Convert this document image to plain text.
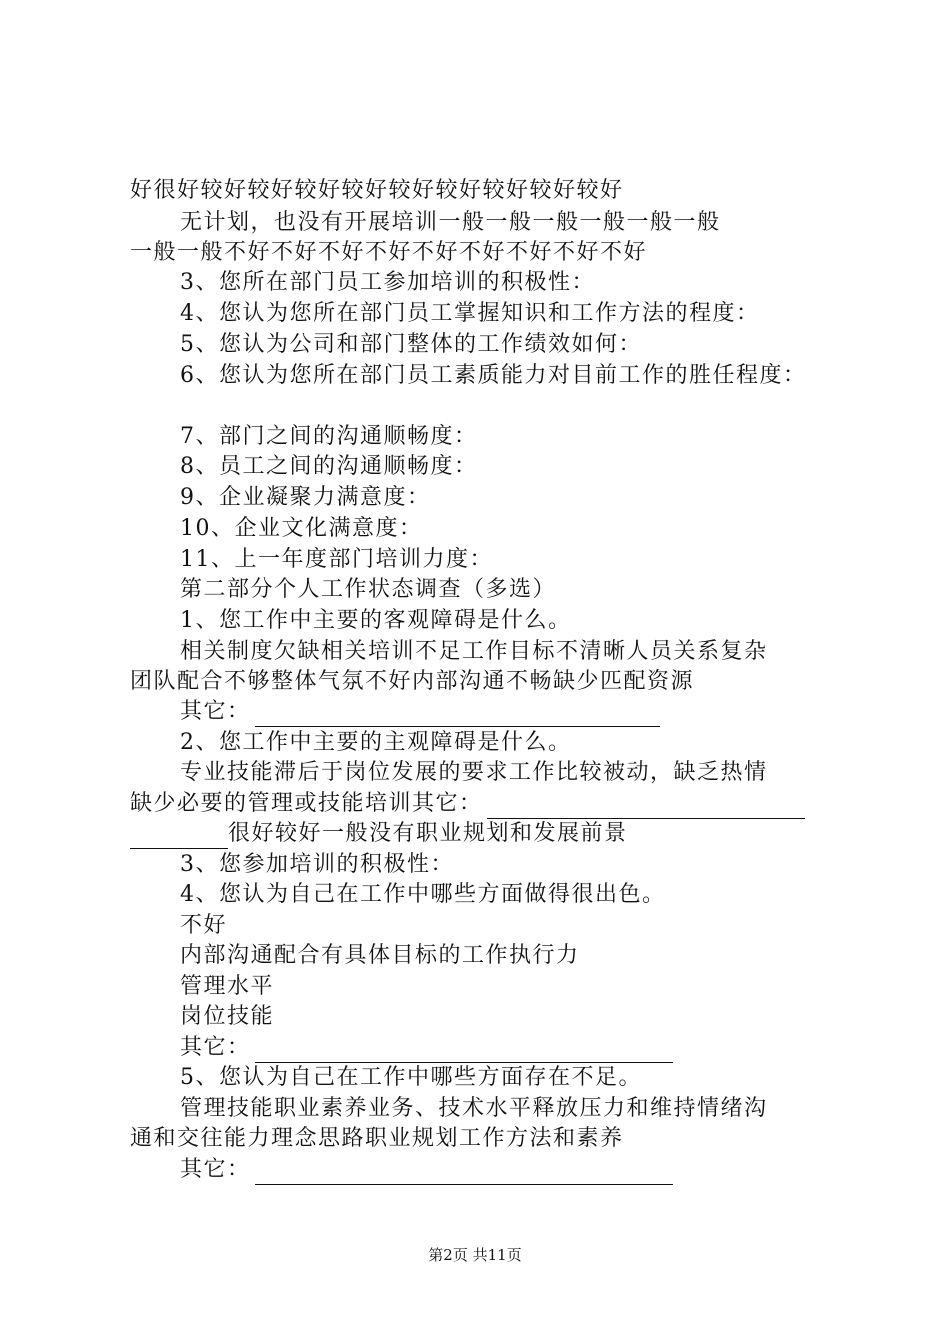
好很好较好较好较好较好较好较好较好较好较好
无计划，也没有开展培训一般一般一般一般一般一般
一般一般不好不好不好不好不好不好不好不好不好
3、您所在部门员工参加培训的积极性：
4、您认为您所在部门员工掌握知识和工作方法的程度：
5、您认为公司和部门整体的工作绩效如何：
6、您认为您所在部门员工素质能力对目前工作的胜任程度：
7、部门之间的沟通顺畅度：
8、员工之间的沟通顺畅度：
9、企业凝聚力满意度：
10、企业文化满意度：
11、上一年度部门培训力度：
第二部分个人工作状态调查（多选）
1、您工作中主要的客观障碍是什么。
相关制度欠缺相关培训不足工作目标不清晰人员关系复杂
团队配合不够整体气氛不好内部沟通不畅缺少匹配资源
其它：
2、您工作中主要的主观障碍是什么。
专业技能滞后于岗位发展的要求工作比较被动，缺乏热情
缺少必要的管理或技能培训其它：
很好较好一般没有职业规划和发展前景
3、您参加培训的积极性：
4、您认为自己在工作中哪些方面做得很出色。
不好
内部沟通配合有具体目标的工作执行力
管理水平
岗位技能
其它：
5、您认为自己在工作中哪些方面存在不足。
管理技能职业素养业务、技术水平释放压力和维持情绪沟
通和交往能力理念思路职业规划工作方法和素养
其它：
第2页 共11页
